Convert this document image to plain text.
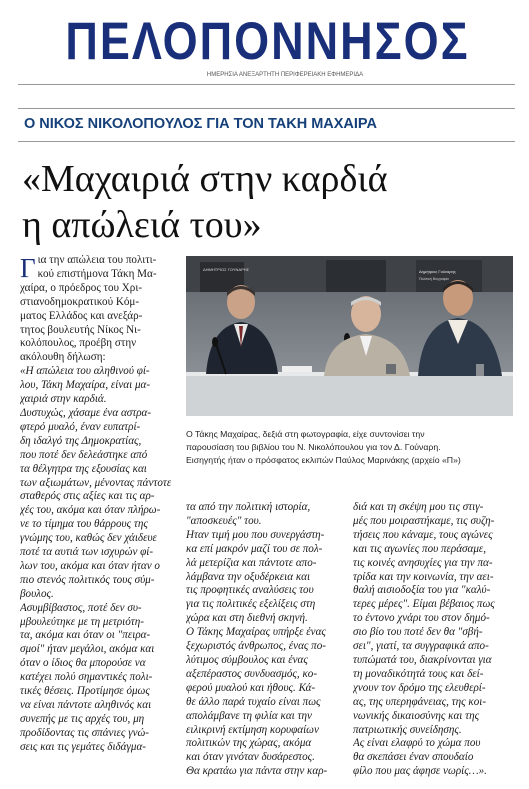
ΠΕΛΟΠΟΝΝΗΣΟΣ
ΗΜΕΡΗΣΙΑ ΑΝΕΞΑΡΤΗΤΗ ΠΕΡΙΦΕΡΕΙΑΚΗ ΕΦΗΜΕΡΙΔΑ
Ο ΝΙΚΟΣ ΝΙΚΟΛΟΠΟΥΛΟΣ ΓΙΑ ΤΟΝ ΤΑΚΗ ΜΑΧΑΙΡΑ
«Μαχαιριά στην καρδιά
η απώλειά του»
Γ ια την απώλεια του πολιτι-

κού επιστήμονα Τάκη Μα-

χαίρα, ο πρόεδρος του Χρι-

στιανοδημοκρατικού Κόμ-

ματος Ελλάδος και ανεξάρ-

τητος βουλευτής Νίκος Νι-

κολόπουλος, προέβη στην

ακόλουθη δήλωση:

«Η απώλεια του αληθινού φί-

λου, Τάκη Μαχαίρα, είναι μα-

χαιριά στην καρδιά.

Δυστυχώς, χάσαμε ένα αστρα-

φτερό μυαλό, έναν ευπατρί-

δη ιδαλγό της Δημοκρατίας,

που ποτέ δεν δελεάστηκε από

τα θέλγητρα της εξουσίας και

των αξιωμάτων, μένοντας πάντοτε

σταθερός στις αξίες και τις αρ-

χές του, ακόμα και όταν πλήρω-

νε το τίμημα του θάρρους της

γνώμης του, καθώς δεν χάιδευε

ποτέ τα αυτιά των ισχυρών φί-

λων του, ακόμα και όταν ήταν ο

πιο στενός πολιτικός τους σύμ-

βουλος.

Ασυμβίβαστος, ποτέ δεν συ-

μβουλεύτηκε με τη μετριότη-

τα, ακόμα και όταν οι "πειρα-

σμοί" ήταν μεγάλοι, ακόμα και

όταν ο ίδιος θα μπορούσε να

κατέχει πολύ σημαντικές πολι-

τικές θέσεις. Προτίμησε όμως

να είναι πάντοτε αληθινός και

συνεπής με τις αρχές του, μη

προδίδοντας τις σπάνιες γνώ-

σεις και τις γεμάτες διδάγμα-

ΔΗΜΗΤΡΙΟΣ ΓΟΥΝΑΡΗΣ	Δημήτριος Γούναρης
Πολιτική Βιογραφία

Ο Τάκης Μαχαίρας, δεξιά στη φωτογραφία, είχε συντονίσει την

παρουσίαση του βιβλίου του Ν. Νικολόπουλου για τον Δ. Γούναρη.

Εισηγητής ήταν ο πρόσφατος εκλιπών Παύλος Μαρινάκης (αρχείο «Π»)

τα από την πολιτική ιστορία,

"αποσκευές" του.

Ηταν τιμή μου που συνεργάστη-

κα επί μακρόν μαζί του σε πολ-

λά μετερίζια και πάντοτε απο-

λάμβανα την οξυδέρκεια και

τις προφητικές αναλύσεις του

για τις πολιτικές εξελίξεις στη

χώρα και στη διεθνή σκηνή.

Ο Τάκης Μαχαίρας υπήρξε ένας

ξεχωριστός άνθρωπος, ένας πο-

λύτιμος σύμβουλος και ένας

αξεπέραστος συνδυασμός, κο-

φερού μυαλού και ήθους. Κά-

θε άλλο παρά τυχαίο είναι πως

απολάμβανε τη φιλία και την

ειλικρινή εκτίμηση κορυφαίων

πολιτικών της χώρας, ακόμα

και όταν γινόταν δυσάρεστος.

Θα κρατάω για πάντα στην καρ-

διά και τη σκέψη μου τις στιγ-

μές που μοιραστήκαμε, τις συζη-

τήσεις που κάναμε, τους αγώνες

και τις αγωνίες που περάσαμε,

τις κοινές ανησυχίες για την πα-

τρίδα και την κοινωνία, την αει-

θαλή αισιοδοξία του για "καλύ-

τερες μέρες". Είμαι βέβαιος πως

το έντονο χνάρι του στον δημό-

σιο βίο του ποτέ δεν θα "σβή-

σει", γιατί, τα συγγραφικά απο-

τυπώματά του, διακρίνονται για

τη μοναδικότητά τους και δεί-

χνουν τον δρόμο της ελευθερί-

ας, της υπερηφάνειας, της κοι-

νωνικής δικαιοσύνης και της

πατριωτικής συνείδησης.

Ας είναι ελαφρύ το χώμα που

θα σκεπάσει έναν σπουδαίο

φίλο που μας άφησε νωρίς…».
